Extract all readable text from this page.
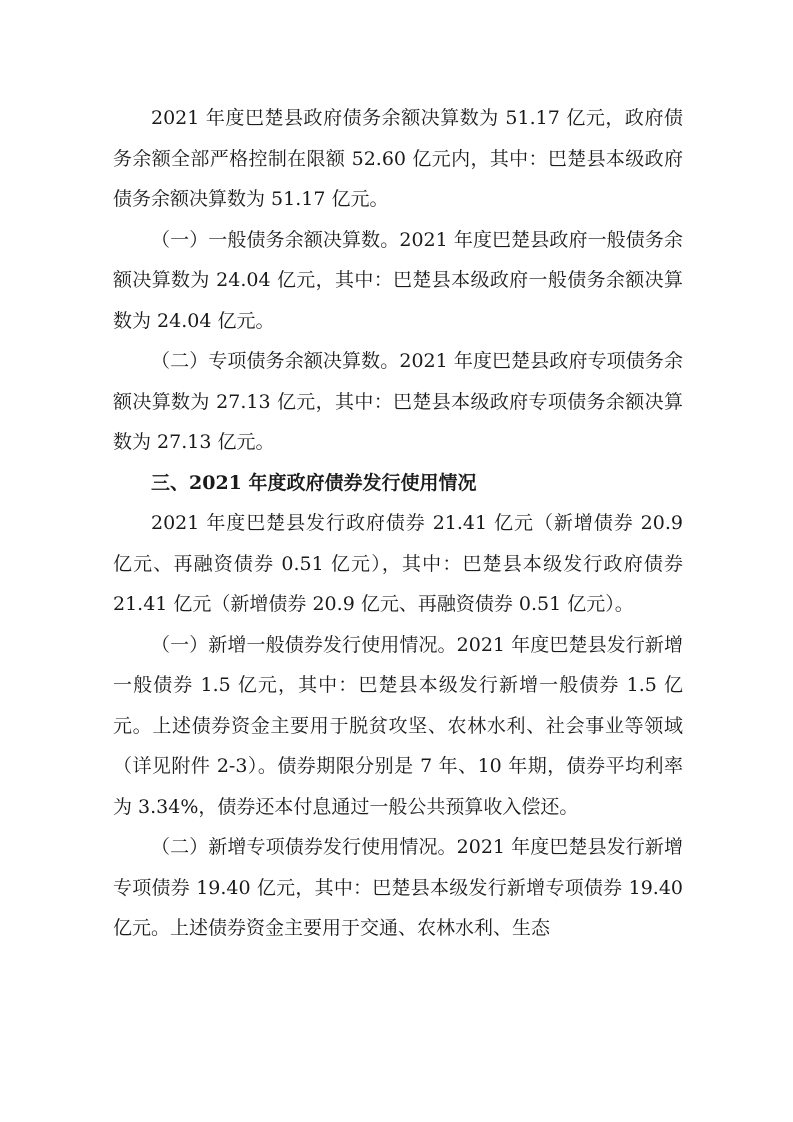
2021 年度巴楚县政府债务余额决算数为 51.17 亿元，政府债务余额全部严格控制在限额 52.60 亿元内，其中：巴楚县本级政府债务余额决算数为 51.17 亿元。

（一）一般债务余额决算数。2021 年度巴楚县政府一般债务余额决算数为 24.04 亿元，其中：巴楚县本级政府一般债务余额决算数为 24.04 亿元。

（二）专项债务余额决算数。2021 年度巴楚县政府专项债务余额决算数为 27.13 亿元，其中：巴楚县本级政府专项债务余额决算数为 27.13 亿元。

三、2021 年度政府债券发行使用情况

2021 年度巴楚县发行政府债券 21.41 亿元（新增债券 20.9 亿元、再融资债券 0.51 亿元），其中：巴楚县本级发行政府债券 21.41 亿元（新增债券 20.9 亿元、再融资债券 0.51 亿元）。

（一）新增一般债券发行使用情况。2021 年度巴楚县发行新增一般债券 1.5 亿元，其中：巴楚县本级发行新增一般债券 1.5 亿元。上述债券资金主要用于脱贫攻坚、农林水利、社会事业等领域（详见附件 2-3）。债券期限分别是 7 年、10 年期，债券平均利率为 3.34%，债券还本付息通过一般公共预算收入偿还。

（二）新增专项债券发行使用情况。2021 年度巴楚县发行新增专项债券 19.40 亿元，其中：巴楚县本级发行新增专项债券 19.40 亿元。上述债券资金主要用于交通、农林水利、生态
